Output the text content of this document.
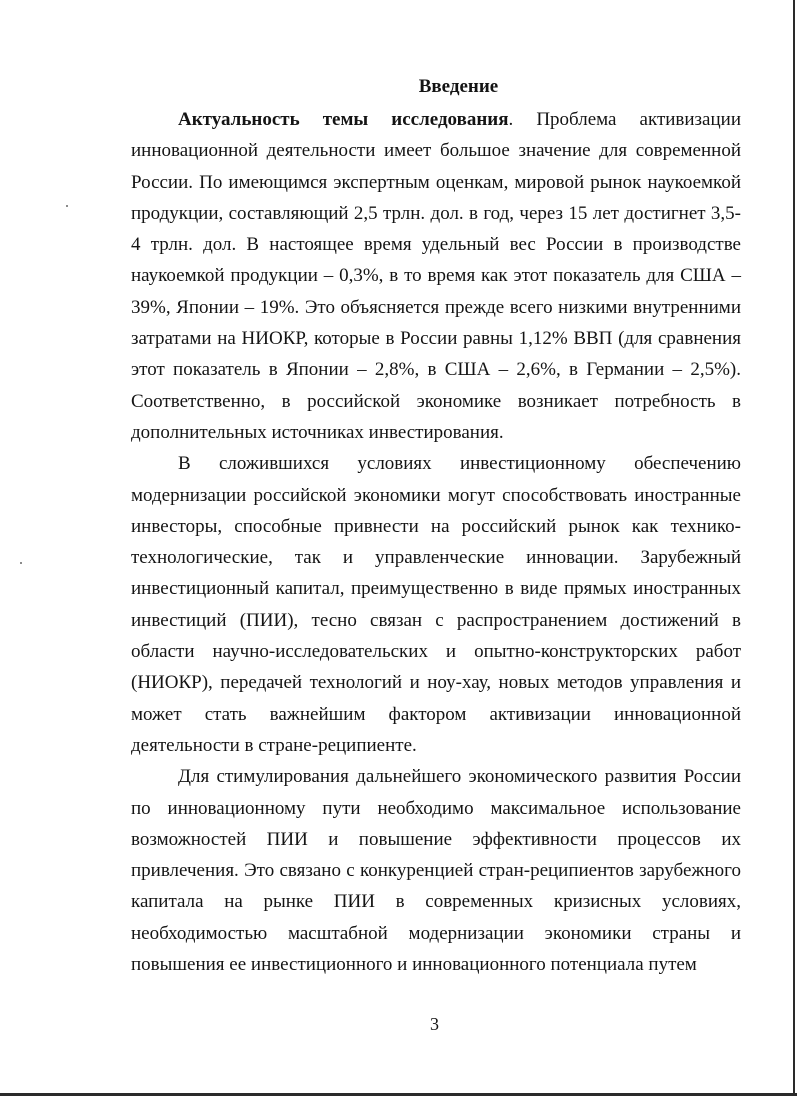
Введение

Актуальность темы исследования. Проблема активизации инновационной деятельности имеет большое значение для современной России. По имеющимся экспертным оценкам, мировой рынок наукоемкой продукции, составляющий 2,5 трлн. дол. в год, через 15 лет достигнет 3,5-4 трлн. дол. В настоящее время удельный вес России в производстве наукоемкой продукции – 0,3%, в то время как этот показатель для США – 39%, Японии – 19%. Это объясняется прежде всего низкими внутренними затратами на НИОКР, которые в России равны 1,12% ВВП (для сравнения этот показатель в Японии – 2,8%, в США – 2,6%, в Германии – 2,5%). Соответственно, в российской экономике возникает потребность в дополнительных источниках инвестирования.

В сложившихся условиях инвестиционному обеспечению модернизации российской экономики могут способствовать иностранные инвесторы, способные привнести на российский рынок как технико-технологические, так и управленческие инновации. Зарубежный инвестиционный капитал, преимущественно в виде прямых иностранных инвестиций (ПИИ), тесно связан с распространением достижений в области научно-исследовательских и опытно-конструкторских работ (НИОКР), передачей технологий и ноу-хау, новых методов управления и может стать важнейшим фактором активизации инновационной деятельности в стране-реципиенте.

Для стимулирования дальнейшего экономического развития России по инновационному пути необходимо максимальное использование возможностей ПИИ и повышение эффективности процессов их привлечения. Это связано с конкуренцией стран-реципиентов зарубежного капитала на рынке ПИИ в современных кризисных условиях, необходимостью масштабной модернизации экономики страны и повышения ее инвестиционного и инновационного потенциала путем

3
